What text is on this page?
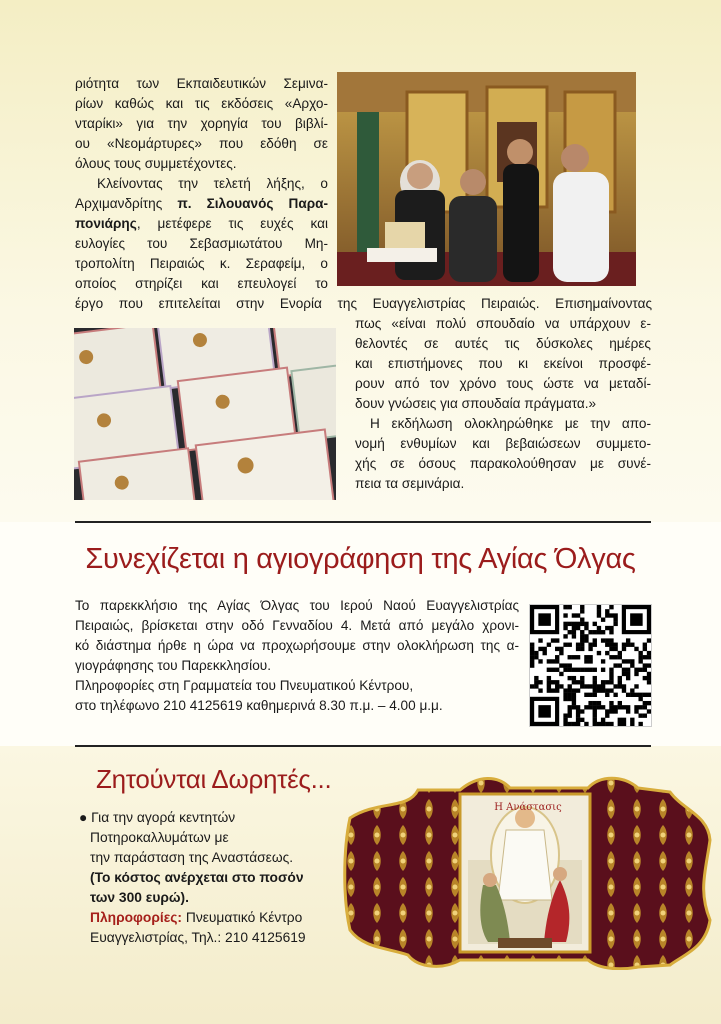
ριότητα των Εκπαιδευτικών Σεμινα-

ρίων καθώς και τις εκδόσεις «Αρχο-

νταρίκι» για την χορηγία του βιβλί-

ου «Νεομάρτυρες» που εδόθη σε

όλους τους συμμετέχοντες.

Κλείνοντας την τελετή λήξης, ο

Αρχιμανδρίτης π. Σιλουανός Παρα-

πονιάρης, μετέφερε τις ευχές και

ευλογίες του Σεβασμιωτάτου Μη-

τροπολίτη Πειραιώς κ. Σεραφείμ, ο

οποίος στηρίζει και επευλογεί το

έργο που επιτελείται στην Ενορία της Ευαγγελιστρίας Πειραιώς. Επισημαίνοντας

πως «είναι πολύ σπουδαίο να υπάρχουν ε-

θελοντές σε αυτές τις δύσκολες ημέρες

και επιστήμονες που κι εκείνοι προσφέ-

ρουν από τον χρόνο τους ώστε να μεταδί-

δουν γνώσεις για σπουδαία πράγματα.»

Η εκδήλωση ολοκληρώθηκε με την απο-

νομή ενθυμίων και βεβαιώσεων συμμετο-

χής σε όσους παρακολούθησαν με συνέ-

πεια τα σεμινάρια.

Συνεχίζεται η αγιογράφηση της Αγίας Όλγας

Το παρεκκλήσιο της Αγίας Όλγας του Ιερού Ναού Ευαγγελιστρίας

Πειραιώς, βρίσκεται στην οδό Γενναδίου 4. Μετά από μεγάλο χρονι-

κό διάστημα ήρθε η ώρα να προχωρήσουμε στην ολοκλήρωση της α-

γιογράφησης του Παρεκκλησίου.

Πληροφορίες στη Γραμματεία του Πνευματικού Κέντρου,

στο τηλέφωνο 210 4125619 καθημερινά 8.30 π.μ. – 4.00 μ.μ.

Ζητούνται Δωρητές...

● Για την αγορά κεντητών

Ποτηροκαλλυμάτων με

την παράσταση της Αναστάσεως.

(Το κόστος ανέρχεται στο ποσόν

των 300 ευρώ).

Πληροφορίες: Πνευματικό Κέντρο

Ευαγγελιστρίας, Τηλ.: 210 4125619

Η Ανάστασις
